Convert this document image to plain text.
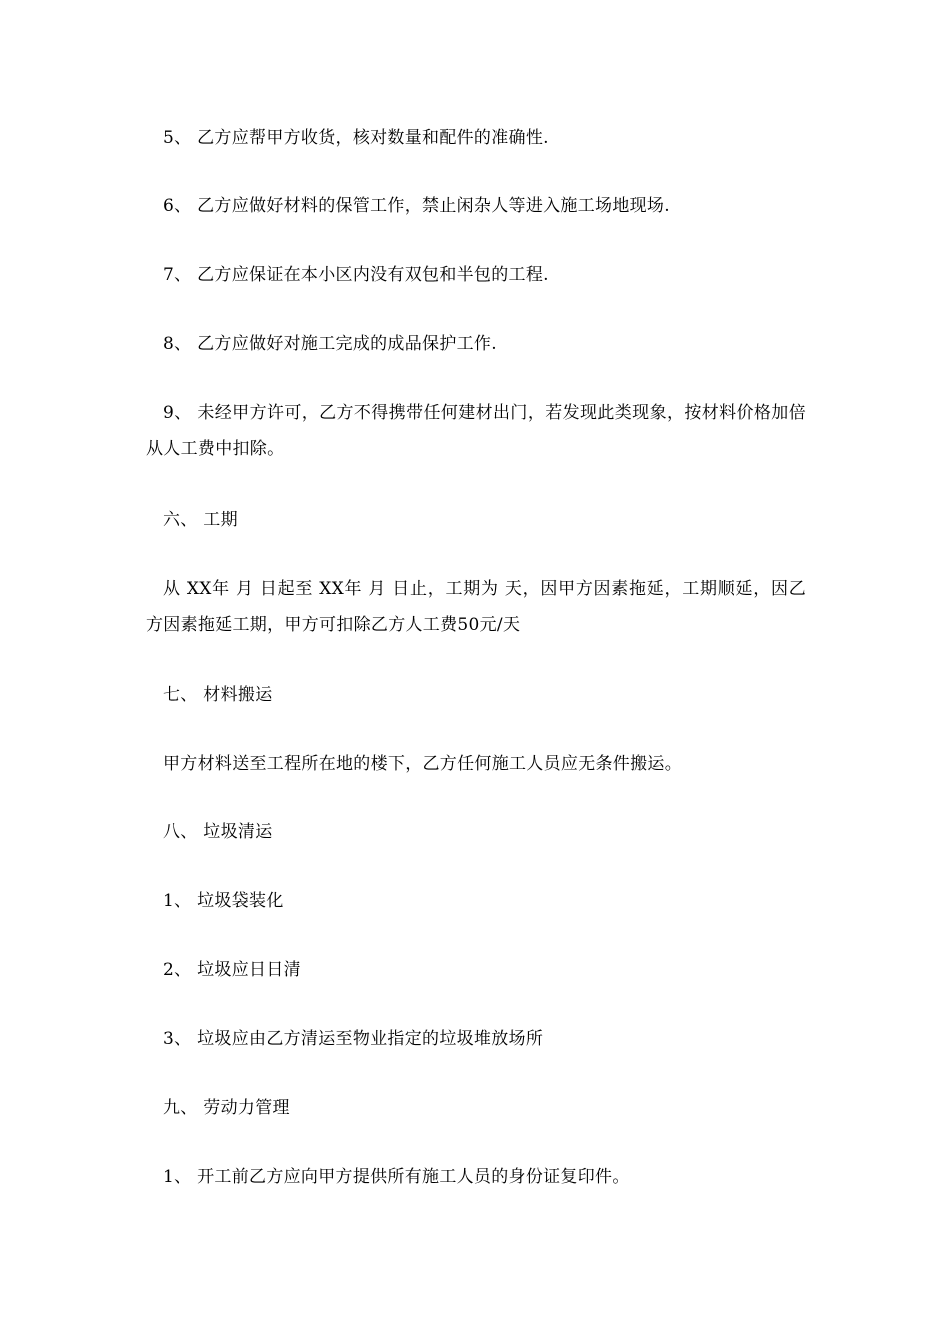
5、 乙方应帮甲方收货，核对数量和配件的准确性.
6、 乙方应做好材料的保管工作，禁止闲杂人等进入施工场地现场.
7、 乙方应保证在本小区内没有双包和半包的工程.
8、 乙方应做好对施工完成的成品保护工作.
9、 未经甲方许可，乙方不得携带任何建材出门，若发现此类现象，按材料价格加倍从人工费中扣除。
六、 工期
从 XX年 月 日起至 XX年 月 日止，工期为 天，因甲方因素拖延，工期顺延，因乙方因素拖延工期，甲方可扣除乙方人工费50元/天
七、 材料搬运
甲方材料送至工程所在地的楼下，乙方任何施工人员应无条件搬运。
八、 垃圾清运
1、 垃圾袋装化
2、 垃圾应日日清
3、 垃圾应由乙方清运至物业指定的垃圾堆放场所
九、 劳动力管理
1、 开工前乙方应向甲方提供所有施工人员的身份证复印件。
